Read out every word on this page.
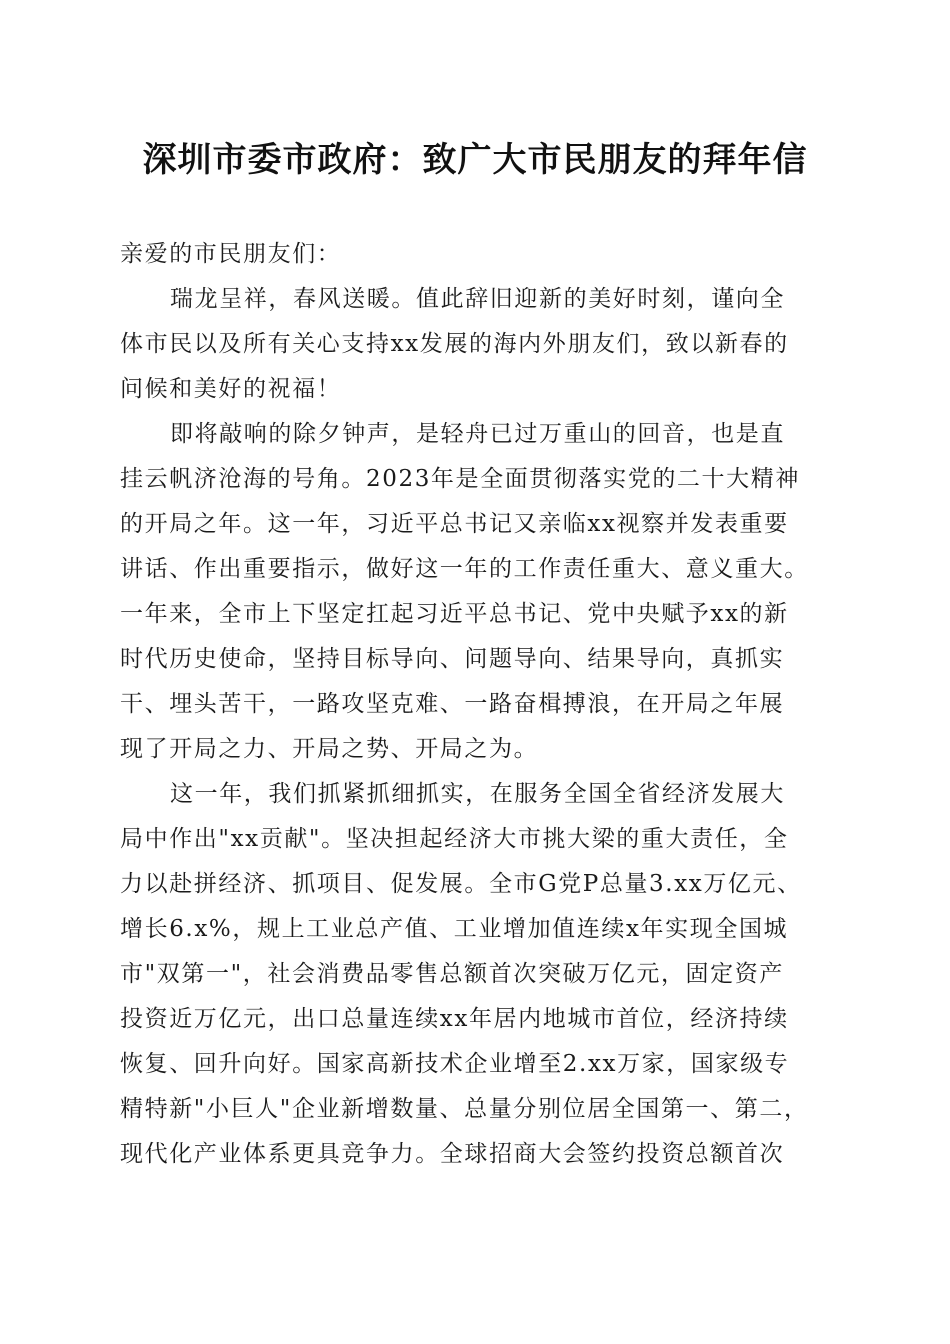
深圳市委市政府：致广大市民朋友的拜年信

亲爱的市民朋友们：

瑞龙呈祥，春风送暖。值此辞旧迎新的美好时刻，谨向全
体市民以及所有关心支持xx发展的海内外朋友们，致以新春的
问候和美好的祝福！
即将敲响的除夕钟声，是轻舟已过万重山的回音，也是直
挂云帆济沧海的号角。2023年是全面贯彻落实党的二十大精神
的开局之年。这一年，习近平总书记又亲临xx视察并发表重要
讲话、作出重要指示，做好这一年的工作责任重大、意义重大。
一年来，全市上下坚定扛起习近平总书记、党中央赋予xx的新
时代历史使命，坚持目标导向、问题导向、结果导向，真抓实
干、埋头苦干，一路攻坚克难、一路奋楫搏浪，在开局之年展
现了开局之力、开局之势、开局之为。
这一年，我们抓紧抓细抓实，在服务全国全省经济发展大
局中作出"xx贡献"。坚决担起经济大市挑大梁的重大责任，全
力以赴拼经济、抓项目、促发展。全市G党P总量3.xx万亿元、
增长6.x%，规上工业总产值、工业增加值连续x年实现全国城
市"双第一"，社会消费品零售总额首次突破万亿元，固定资产
投资近万亿元，出口总量连续xx年居内地城市首位，经济持续
恢复、回升向好。国家高新技术企业增至2.xx万家，国家级专
精特新"小巨人"企业新增数量、总量分别位居全国第一、第二，
现代化产业体系更具竞争力。全球招商大会签约投资总额首次
